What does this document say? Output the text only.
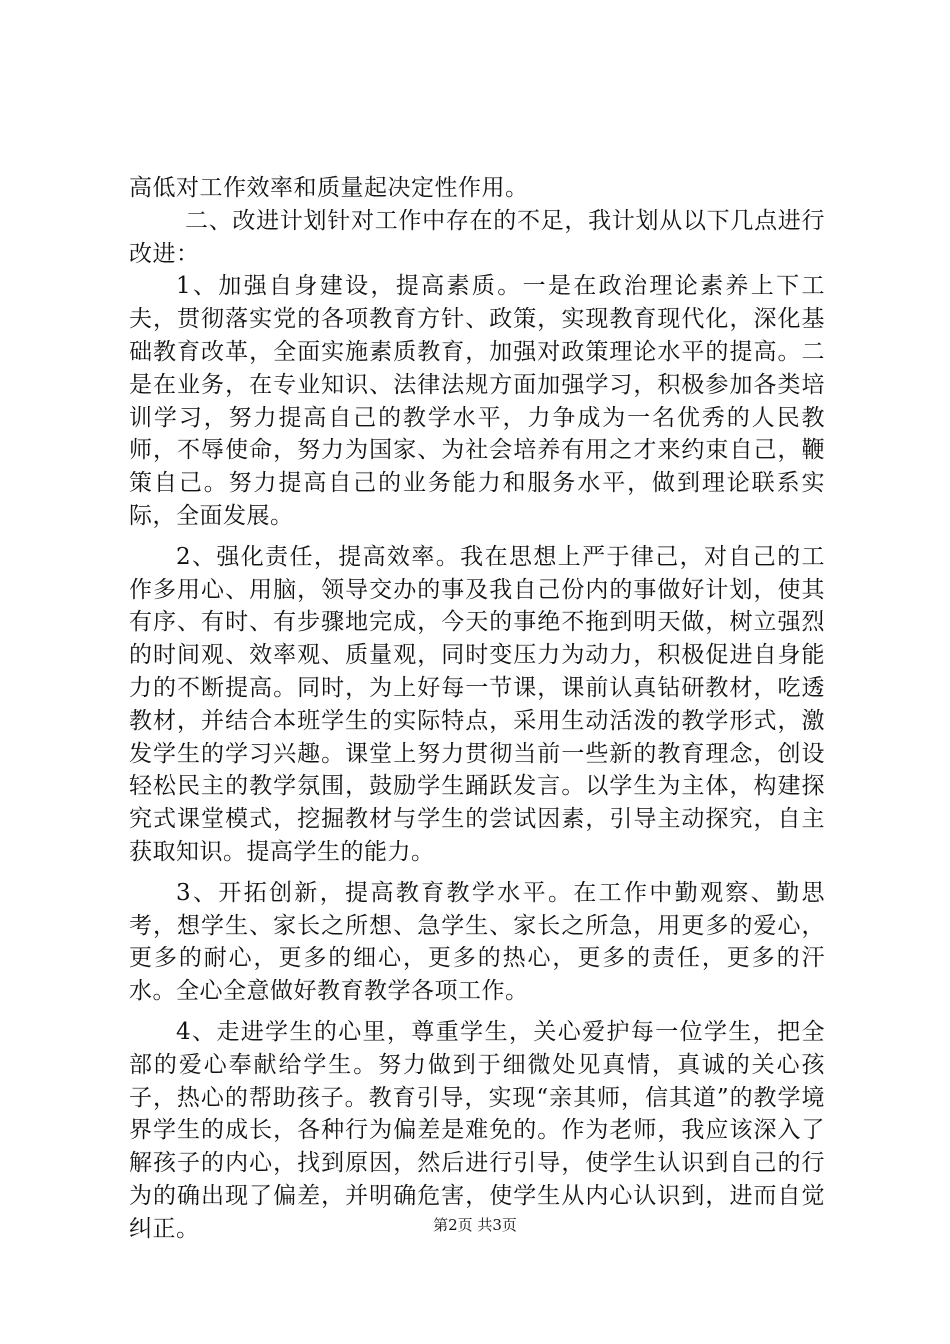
高低对工作效率和质量起决定性作用。

二、改进计划针对工作中存在的不足，我计划从以下几点进行改进：

1、加强自身建设，提高素质。一是在政治理论素养上下工夫，贯彻落实党的各项教育方针、政策，实现教育现代化，深化基础教育改革，全面实施素质教育，加强对政策理论水平的提高。二是在业务，在专业知识、法律法规方面加强学习，积极参加各类培训学习，努力提高自己的教学水平，力争成为一名优秀的人民教师，不辱使命，努力为国家、为社会培养有用之才来约束自己，鞭策自己。努力提高自己的业务能力和服务水平，做到理论联系实际，全面发展。

2、强化责任，提高效率。我在思想上严于律己，对自己的工作多用心、用脑，领导交办的事及我自己份内的事做好计划，使其有序、有时、有步骤地完成，今天的事绝不拖到明天做，树立强烈的时间观、效率观、质量观，同时变压力为动力，积极促进自身能力的不断提高。同时，为上好每一节课，课前认真钻研教材，吃透教材，并结合本班学生的实际特点，采用生动活泼的教学形式，激发学生的学习兴趣。课堂上努力贯彻当前一些新的教育理念，创设轻松民主的教学氛围，鼓励学生踊跃发言。以学生为主体，构建探究式课堂模式，挖掘教材与学生的尝试因素，引导主动探究，自主获取知识。提高学生的能力。

3、开拓创新，提高教育教学水平。在工作中勤观察、勤思考，想学生、家长之所想、急学生、家长之所急，用更多的爱心，更多的耐心，更多的细心，更多的热心，更多的责任，更多的汗水。全心全意做好教育教学各项工作。

4、走进学生的心里，尊重学生，关心爱护每一位学生，把全部的爱心奉献给学生。努力做到于细微处见真情，真诚的关心孩子，热心的帮助孩子。教育引导，实现“亲其师，信其道”的教学境界学生的成长，各种行为偏差是难免的。作为老师，我应该深入了解孩子的内心，找到原因，然后进行引导，使学生认识到自己的行为的确出现了偏差，并明确危害，使学生从内心认识到，进而自觉纠正。	第2页 共3页
